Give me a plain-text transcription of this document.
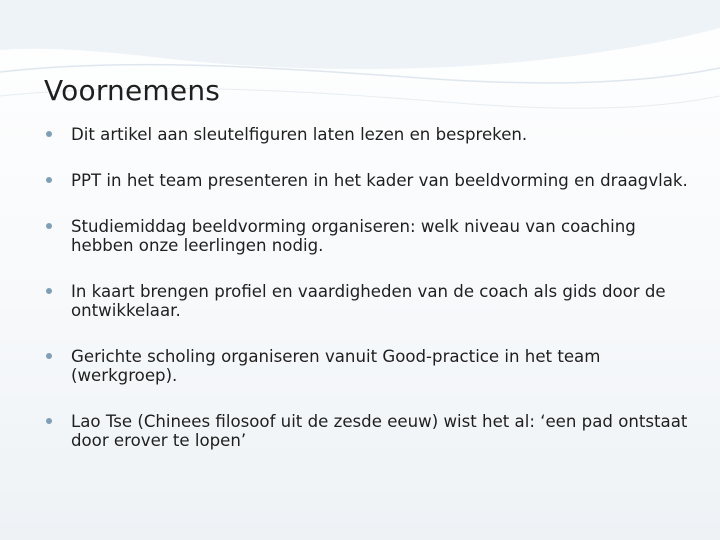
Voornemens
Dit artikel aan sleutelfiguren laten lezen en bespreken.
PPT in het team presenteren in het kader van beeldvorming en draagvlak.
Studiemiddag beeldvorming organiseren: welk niveau van coaching hebben onze leerlingen nodig.
In kaart brengen profiel en vaardigheden van de coach als gids door de ontwikkelaar.
Gerichte scholing organiseren vanuit Good-practice in het team (werkgroep).
Lao Tse (Chinees filosoof uit de zesde eeuw) wist het al: ‘een pad ontstaat door erover te lopen’
